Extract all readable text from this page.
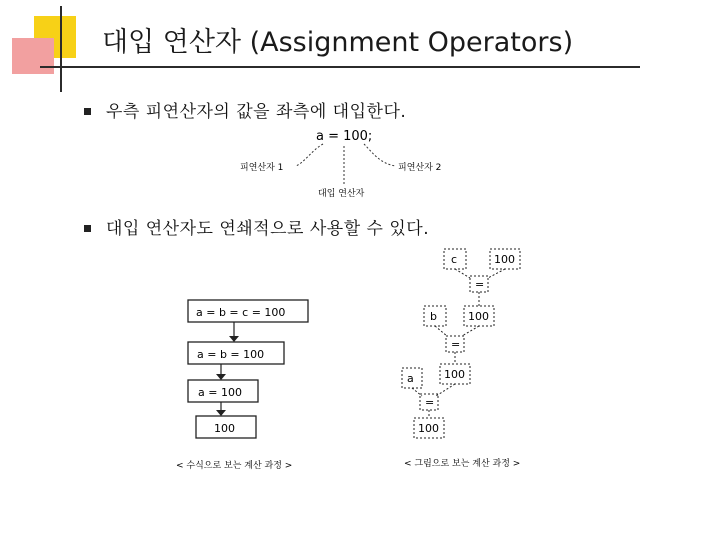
대입 연산자 (Assignment Operators)
우측 피연산자의 값을 좌측에 대입한다.
대입 연산자도 연쇄적으로 사용할 수 있다.
a = 100;
피연산자 1	피연산자 2
대입 연산자
a = b = c = 100
a = b = 100
a = 100
100
< 수식으로 보는 계산 과정 >
c	100
=
b	100
=
a	100
=
100
< 그림으로 보는 계산 과정 >
